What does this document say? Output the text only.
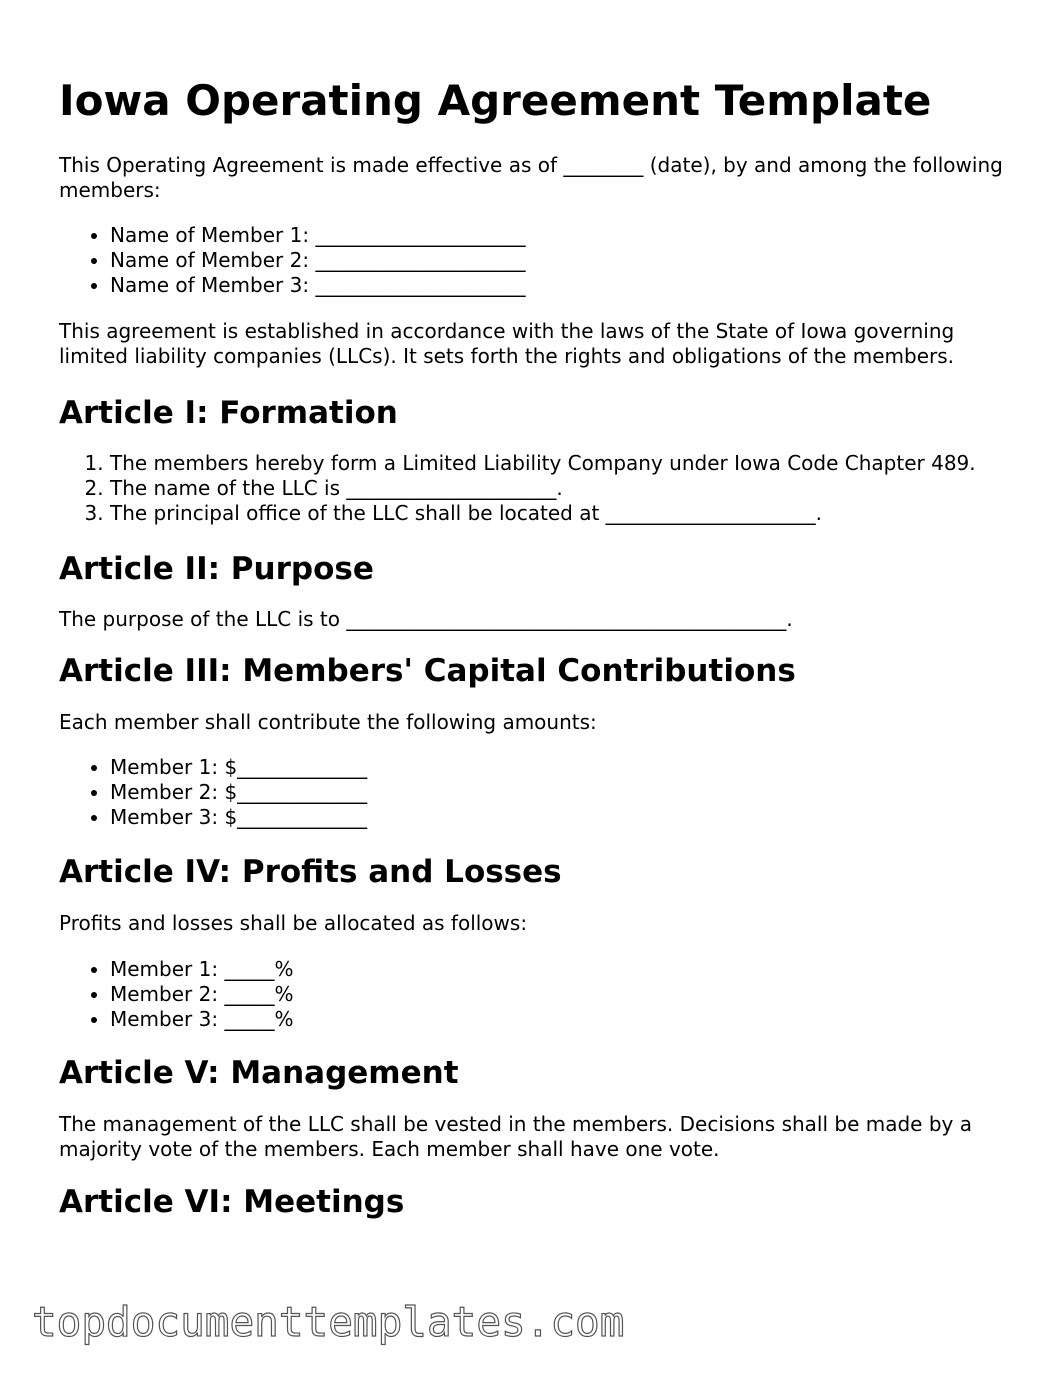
Iowa Operating Agreement Template

This Operating Agreement is made effective as of ________ (date), by and among the following members:

• Name of Member 1: _____________________
• Name of Member 2: _____________________
• Name of Member 3: _____________________

This agreement is established in accordance with the laws of the State of Iowa governing limited liability companies (LLCs). It sets forth the rights and obligations of the members.

Article I: Formation
1. The members hereby form a Limited Liability Company under Iowa Code Chapter 489.
2. The name of the LLC is _____________________.
3. The principal office of the LLC shall be located at _____________________.
Article II: Purpose

The purpose of the LLC is to ____________________________________________.

Article III: Members' Capital Contributions

Each member shall contribute the following amounts:

• Member 1: $_____________
• Member 2: $_____________
• Member 3: $_____________
Article IV: Profits and Losses

Profits and losses shall be allocated as follows:

• Member 1: _____%
• Member 2: _____%
• Member 3: _____%
Article V: Management

The management of the LLC shall be vested in the members. Decisions shall be made by a majority vote of the members. Each member shall have one vote.

Article VI: Meetings
topdocumenttemplates.com
